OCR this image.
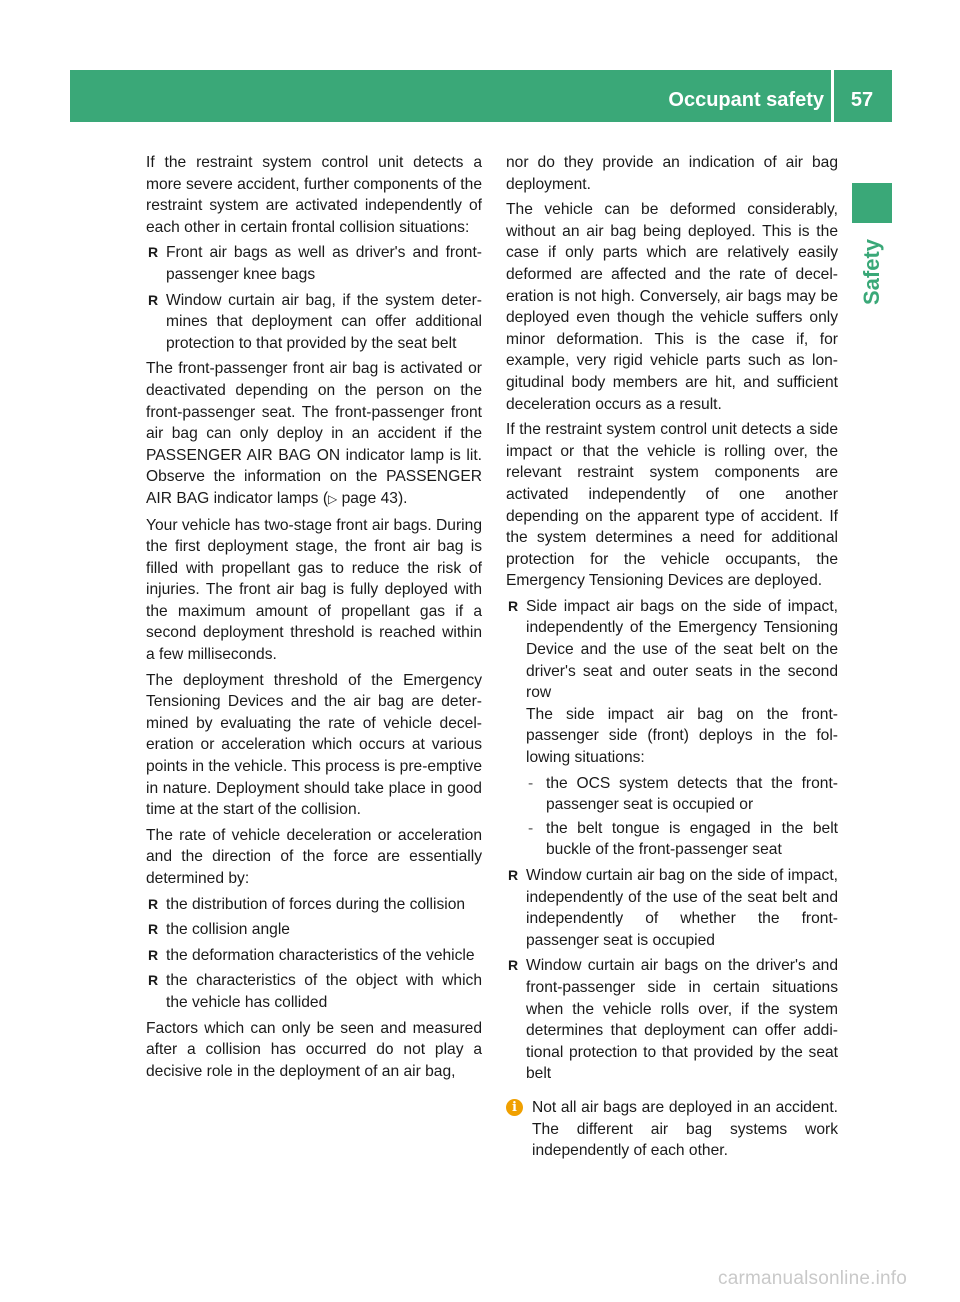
Occupant safety	57
Safety

If the restraint system control unit detects a more severe accident, further components of the restraint system are activated independently of each other in certain frontal collision situations:

R Front air bags as well as driver's and front-passenger knee bags
R Window curtain air bag, if the system determines that deployment can offer additional protection to that provided by the seat belt

The front-passenger front air bag is activated or deactivated depending on the person on the front-passenger seat. The front-passenger front air bag can only deploy in an accident if the PASSENGER AIR BAG ON indicator lamp is lit. Observe the information on the PASSENGER AIR BAG indicator lamps (▷ page 43).

Your vehicle has two-stage front air bags. During the first deployment stage, the front air bag is filled with propellant gas to reduce the risk of injuries. The front air bag is fully deployed with the maximum amount of propellant gas if a second deployment threshold is reached within a few milliseconds.

The deployment threshold of the Emergency Tensioning Devices and the air bag are determined by evaluating the rate of vehicle deceleration or acceleration which occurs at various points in the vehicle. This process is pre-emptive in nature. Deployment should take place in good time at the start of the collision.

The rate of vehicle deceleration or acceleration and the direction of the force are essentially determined by:

R the distribution of forces during the collision
R the collision angle
R the deformation characteristics of the vehicle
R the characteristics of the object with which the vehicle has collided

Factors which can only be seen and measured after a collision has occurred do not play a decisive role in the deployment of an air bag,

nor do they provide an indication of air bag deployment.

The vehicle can be deformed considerably, without an air bag being deployed. This is the case if only parts which are relatively easily deformed are affected and the rate of deceleration is not high. Conversely, air bags may be deployed even though the vehicle suffers only minor deformation. This is the case if, for example, very rigid vehicle parts such as longitudinal body members are hit, and sufficient deceleration occurs as a result.

If the restraint system control unit detects a side impact or that the vehicle is rolling over, the relevant restraint system components are activated independently of one another depending on the apparent type of accident. If the system determines a need for additional protection for the vehicle occupants, the Emergency Tensioning Devices are deployed.

R Side impact air bags on the side of impact, independently of the Emergency Tensioning Device and the use of the seat belt on the driver's seat and outer seats in the second row

The side impact air bag on the front-passenger side (front) deploys in the following situations:

- the OCS system detects that the front-passenger seat is occupied or
- the belt tongue is engaged in the belt buckle of the front-passenger seat
R Window curtain air bag on the side of impact, independently of the use of the seat belt and independently of whether the front-passenger seat is occupied
R Window curtain air bags on the driver's and front-passenger side in certain situations when the vehicle rolls over, if the system determines that deployment can offer additional protection to that provided by the seat belt
i Not all air bags are deployed in an accident. The different air bag systems work independently of each other.
carmanualsonline.info
